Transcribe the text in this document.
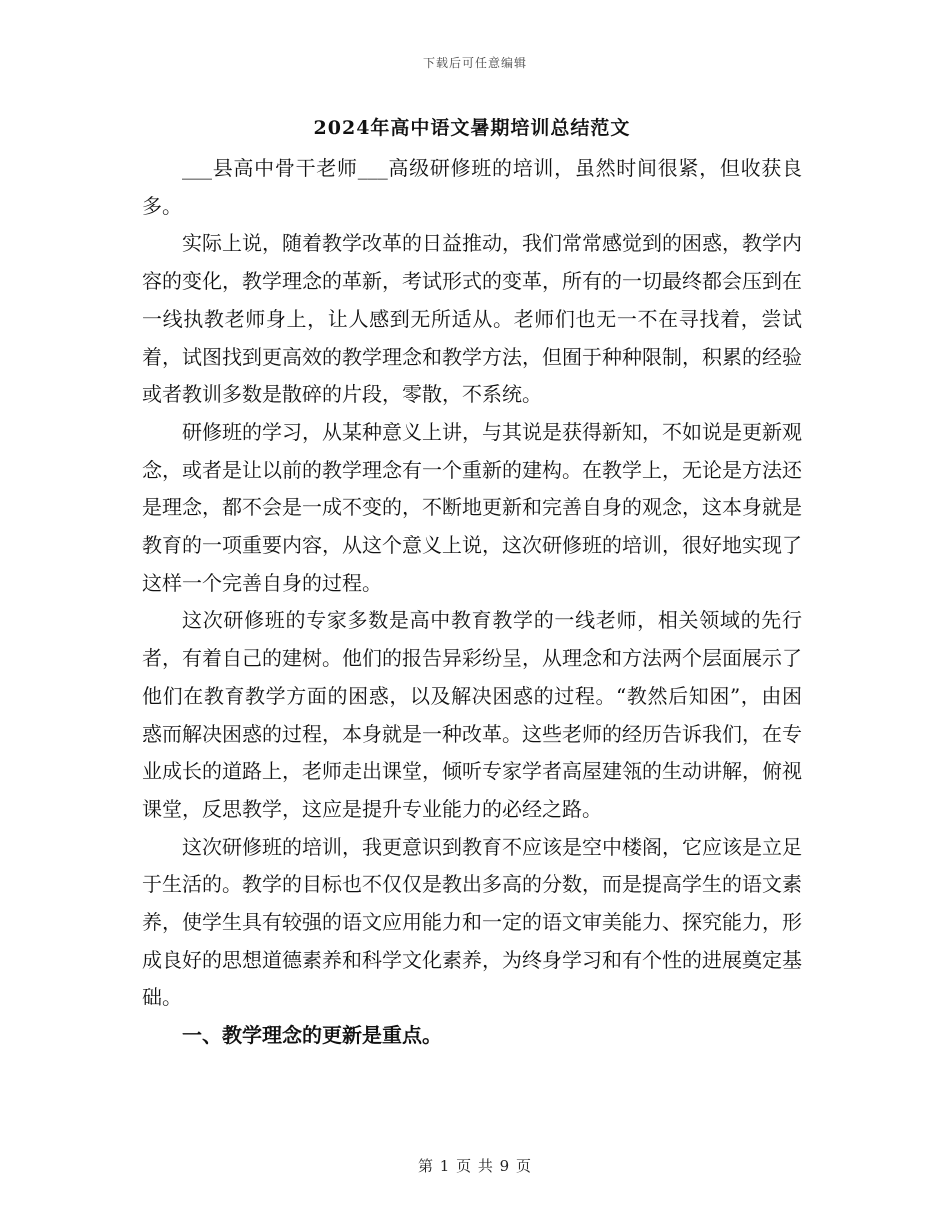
下载后可任意编辑
2024年高中语文暑期培训总结范文

___县高中骨干老师___高级研修班的培训，虽然时间很紧，但收获良多。

实际上说，随着教学改革的日益推动，我们常常感觉到的困惑，教学内容的变化，教学理念的革新，考试形式的变革，所有的一切最终都会压到在一线执教老师身上，让人感到无所适从。老师们也无一不在寻找着，尝试着，试图找到更高效的教学理念和教学方法，但囿于种种限制，积累的经验或者教训多数是散碎的片段，零散，不系统。

研修班的学习，从某种意义上讲，与其说是获得新知，不如说是更新观念，或者是让以前的教学理念有一个重新的建构。在教学上，无论是方法还是理念，都不会是一成不变的，不断地更新和完善自身的观念，这本身就是教育的一项重要内容，从这个意义上说，这次研修班的培训，很好地实现了这样一个完善自身的过程。

这次研修班的专家多数是高中教育教学的一线老师，相关领域的先行者，有着自己的建树。他们的报告异彩纷呈，从理念和方法两个层面展示了他们在教育教学方面的困惑，以及解决困惑的过程。“教然后知困”，由困惑而解决困惑的过程，本身就是一种改革。这些老师的经历告诉我们，在专业成长的道路上，老师走出课堂，倾听专家学者高屋建瓴的生动讲解，俯视课堂，反思教学，这应是提升专业能力的必经之路。

这次研修班的培训，我更意识到教育不应该是空中楼阁，它应该是立足于生活的。教学的目标也不仅仅是教出多高的分数，而是提高学生的语文素养，使学生具有较强的语文应用能力和一定的语文审美能力、探究能力，形成良好的思想道德素养和科学文化素养，为终身学习和有个性的进展奠定基础。

一、教学理念的更新是重点。

第 1 页 共 9 页
